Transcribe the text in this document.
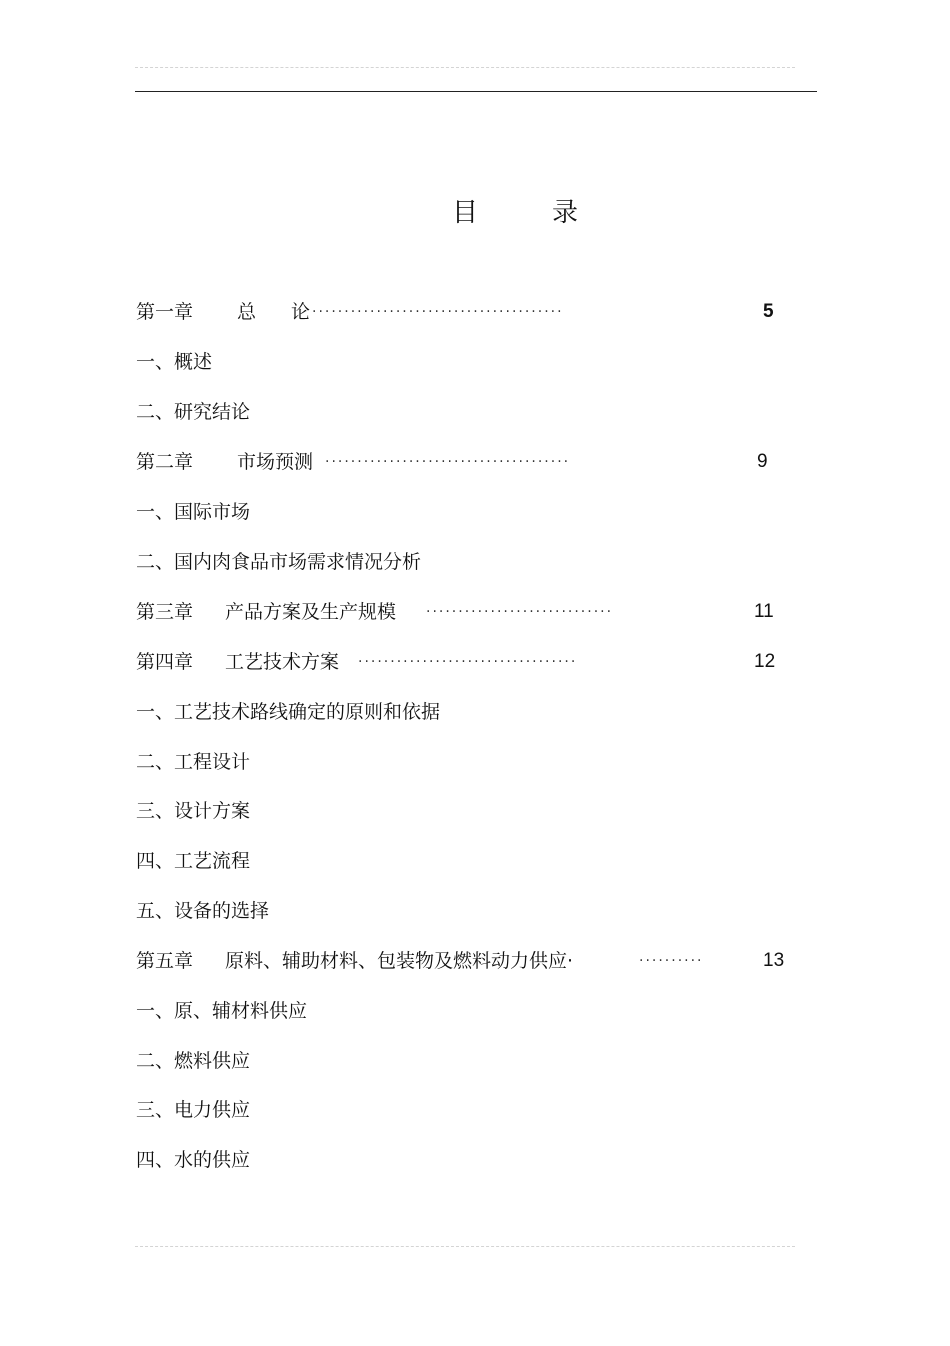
目	录
第一章 总 论 ·······································	5
一、概述
二、研究结论
第二章 市场预测 ······································	9
一、国际市场
二、国内肉食品市场需求情况分析
第三章 产品方案及生产规模 ·····························	11
第四章 工艺技术方案 ··································	12
一、工艺技术路线确定的原则和依据
二、工程设计
三、设计方案
四、工艺流程
五、设备的选择
第五章 原料、辅助材料、包装物及燃料动力供应·	··········	13
一、原、辅材料供应
二、燃料供应
三、电力供应
四、水的供应
